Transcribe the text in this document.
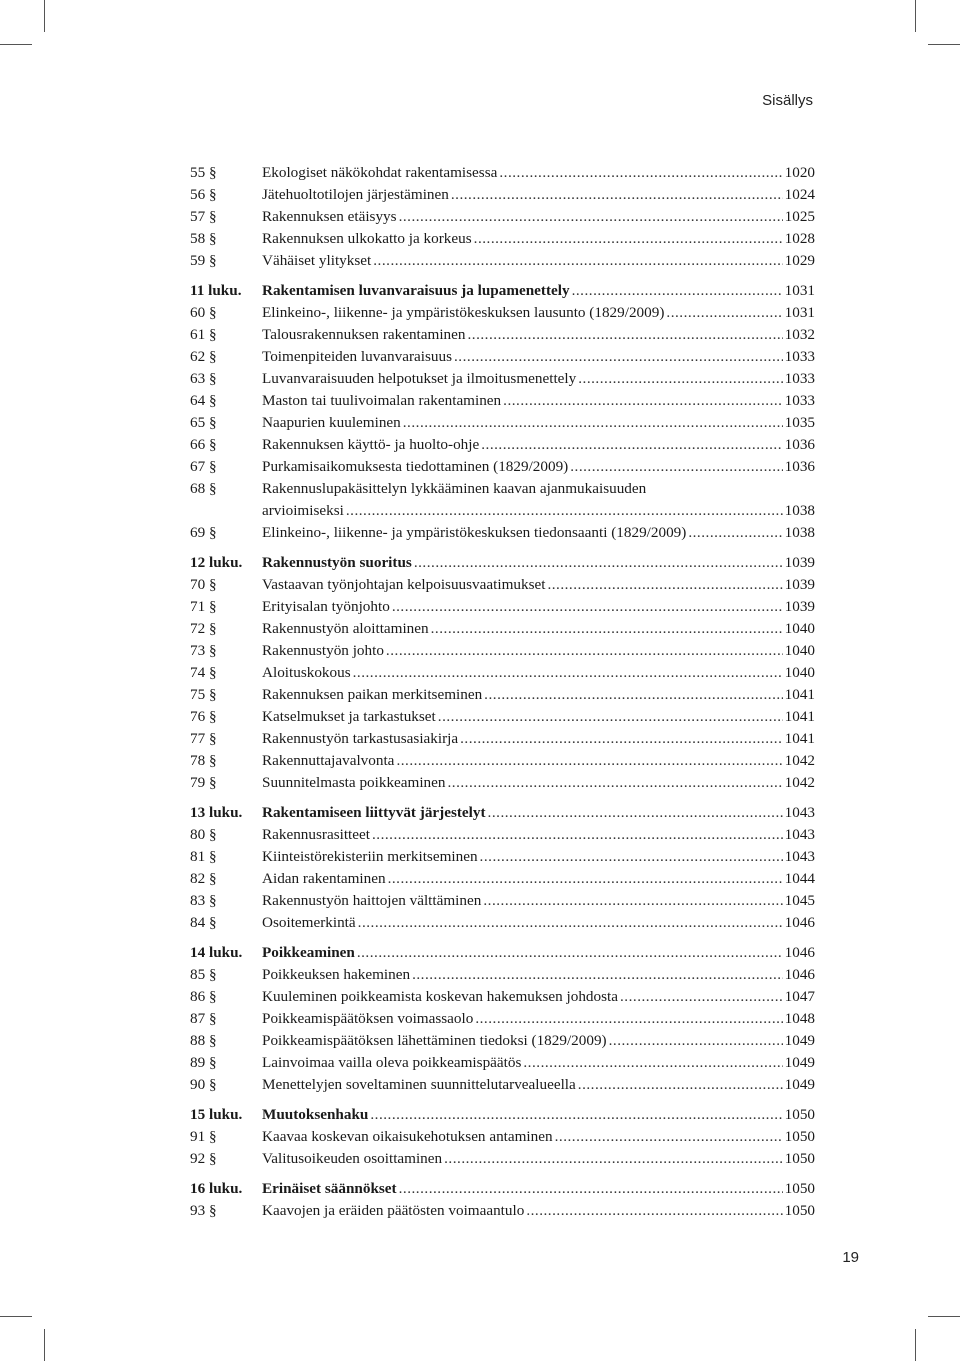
Sisällys
55 §	Ekologiset näkökohdat rakentamisessa .....	1020
56 §	Jätehuoltotilojen järjestäminen .....	1024
57 §	Rakennuksen etäisyys .....	1025
58 §	Rakennuksen ulkokatto ja korkeus .....	1028
59 §	Vähäiset ylitykset .....	1029
11 luku.	Rakentamisen luvanvaraisuus ja lupamenettely .....	1031
60 §	Elinkeino-, liikenne- ja ympäristökeskuksen lausunto (1829/2009) .....	1031
61 §	Talousrakennuksen rakentaminen .....	1032
62 §	Toimenpiteiden luvanvaraisuus .....	1033
63 §	Luvanvaraisuuden helpotukset ja ilmoitusmenettely .....	1033
64 §	Maston tai tuulivoimalan rakentaminen .....	1033
65 §	Naapurien kuuleminen .....	1035
66 §	Rakennuksen käyttö- ja huolto-ohje .....	1036
67 §	Purkamisaikomuksesta tiedottaminen (1829/2009) .....	1036
68 §	Rakennuslupakäsittelyn lykkääminen kaavan ajanmukaisuuden
arvioimiseksi .....	1038
69 §	Elinkeino-, liikenne- ja ympäristökeskuksen tiedonsaanti (1829/2009) .....	1038
12 luku.	Rakennustyön suoritus .....	1039
70 §	Vastaavan työnjohtajan kelpoisuusvaatimukset .....	1039
71 §	Erityisalan työnjohto .....	1039
72 §	Rakennustyön aloittaminen .....	1040
73 §	Rakennustyön johto .....	1040
74 §	Aloituskokous .....	1040
75 §	Rakennuksen paikan merkitseminen .....	1041
76 §	Katselmukset ja tarkastukset .....	1041
77 §	Rakennustyön tarkastusasiakirja .....	1041
78 §	Rakennuttajavalvonta .....	1042
79 §	Suunnitelmasta poikkeaminen .....	1042
13 luku.	Rakentamiseen liittyvät järjestelyt .....	1043
80 §	Rakennusrasitteet .....	1043
81 §	Kiinteistörekisteriin merkitseminen .....	1043
82 §	Aidan rakentaminen .....	1044
83 §	Rakennustyön haittojen välttäminen .....	1045
84 §	Osoitemerkintä .....	1046
14 luku.	Poikkeaminen .....	1046
85 §	Poikkeuksen hakeminen .....	1046
86 §	Kuuleminen poikkeamista koskevan hakemuksen johdosta .....	1047
87 §	Poikkeamispäätöksen voimassaolo .....	1048
88 §	Poikkeamispäätöksen lähettäminen tiedoksi (1829/2009) .....	1049
89 §	Lainvoimaa vailla oleva poikkeamispäätös .....	1049
90 §	Menettelyjen soveltaminen suunnittelutarvealueella .....	1049
15 luku.	Muutoksenhaku .....	1050
91 §	Kaavaa koskevan oikaisukehotuksen antaminen .....	1050
92 §	Valitusoikeuden osoittaminen .....	1050
16 luku.	Erinäiset säännökset .....	1050
93 §	Kaavojen ja eräiden päätösten voimaantulo .....	1050
19
